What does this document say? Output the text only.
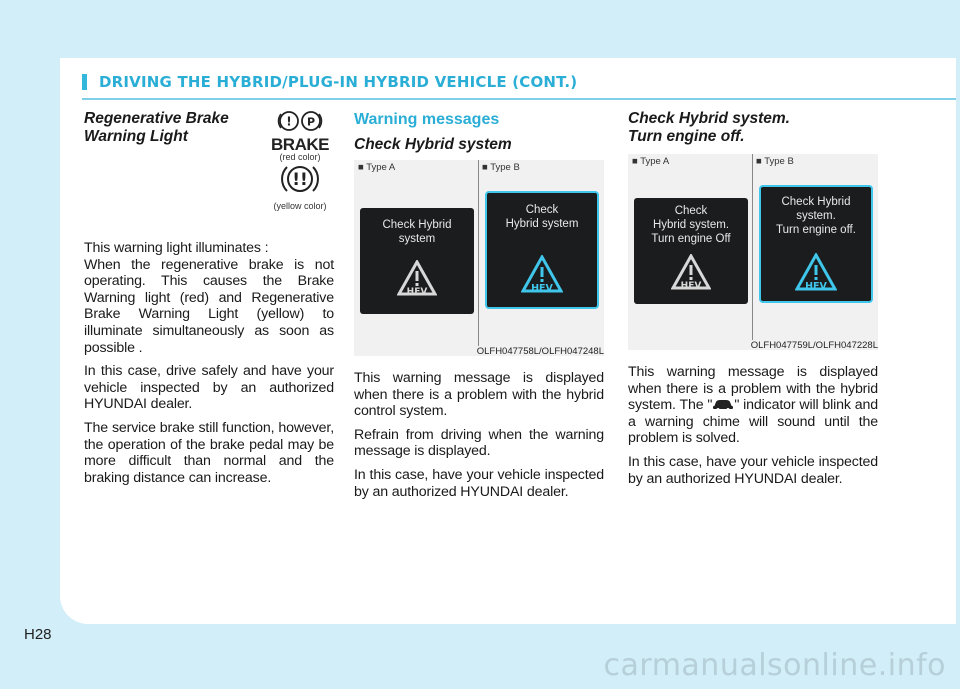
DRIVING THE HYBRID/PLUG-IN HYBRID VEHICLE (CONT.)
Regenerative Brake
Warning Light
! P
BRAKE
(red color)
!!
(yellow color)

This warning light illuminates :

When the regenerative brake is not operating. This causes the Brake Warning light (red) and Regenerative Brake Warning Light (yellow) to illuminate simultaneously as soon as possible .

In this case, drive safely and have your vehicle inspected by an authorized HYUNDAI dealer.

The service brake still function, however, the operation of the brake pedal may be more difficult than normal and the braking distance can increase.

Warning messages
Check Hybrid system
■ Type A	■ Type B
Check Hybrid
system
HEV
Check
Hybrid system
HEV
OLFH047758L/OLFH047248L

This warning message is displayed when there is a problem with the hybrid control system.

Refrain from driving when the warning message is displayed.

In this case, have your vehicle inspected by an authorized HYUNDAI dealer.

Check Hybrid system.
Turn engine off.
■ Type A	■ Type B
Check
Hybrid system.
Turn engine Off
HEV
Check Hybrid
system.
Turn engine off.
HEV
OLFH047759L/OLFH047228L

This warning message is displayed when there is a problem with the hybrid system. The " " indicator will blink and a warning chime will sound until the problem is solved.

In this case, have your vehicle inspected by an authorized HYUNDAI dealer.

H28
carmanualsonline.info
